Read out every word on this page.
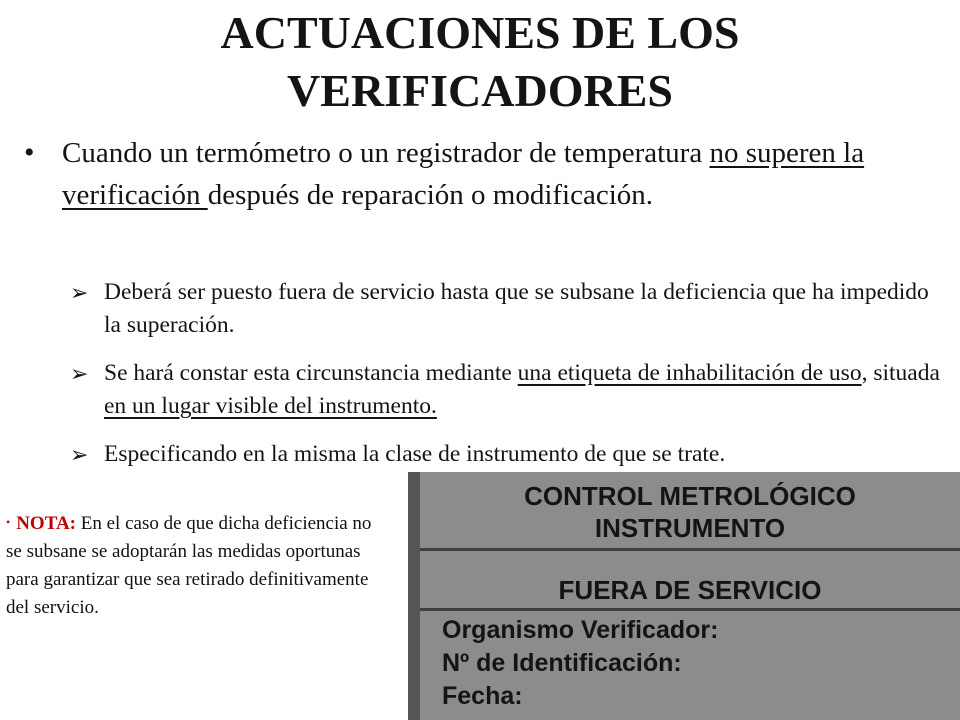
ACTUACIONES DE LOS
VERIFICADORES
• Cuando un termómetro o un registrador de temperatura no superen la verificación después de reparación o modificación.
➢ Deberá ser puesto fuera de servicio hasta que se subsane la deficiencia que ha impedido la superación.
➢ Se hará constar esta circunstancia mediante una etiqueta de inhabilitación de uso, situada en un lugar visible del instrumento.
➢ Especificando en la misma la clase de instrumento de que se trate.
• NOTA: En el caso de que dicha deficiencia no se subsane se adoptarán las medidas oportunas para garantizar que sea retirado definitivamente del servicio.
CONTROL METROLÓGICO
INSTRUMENTO
FUERA DE SERVICIO
Organismo Verificador:
Nº de Identificación:
Fecha:
